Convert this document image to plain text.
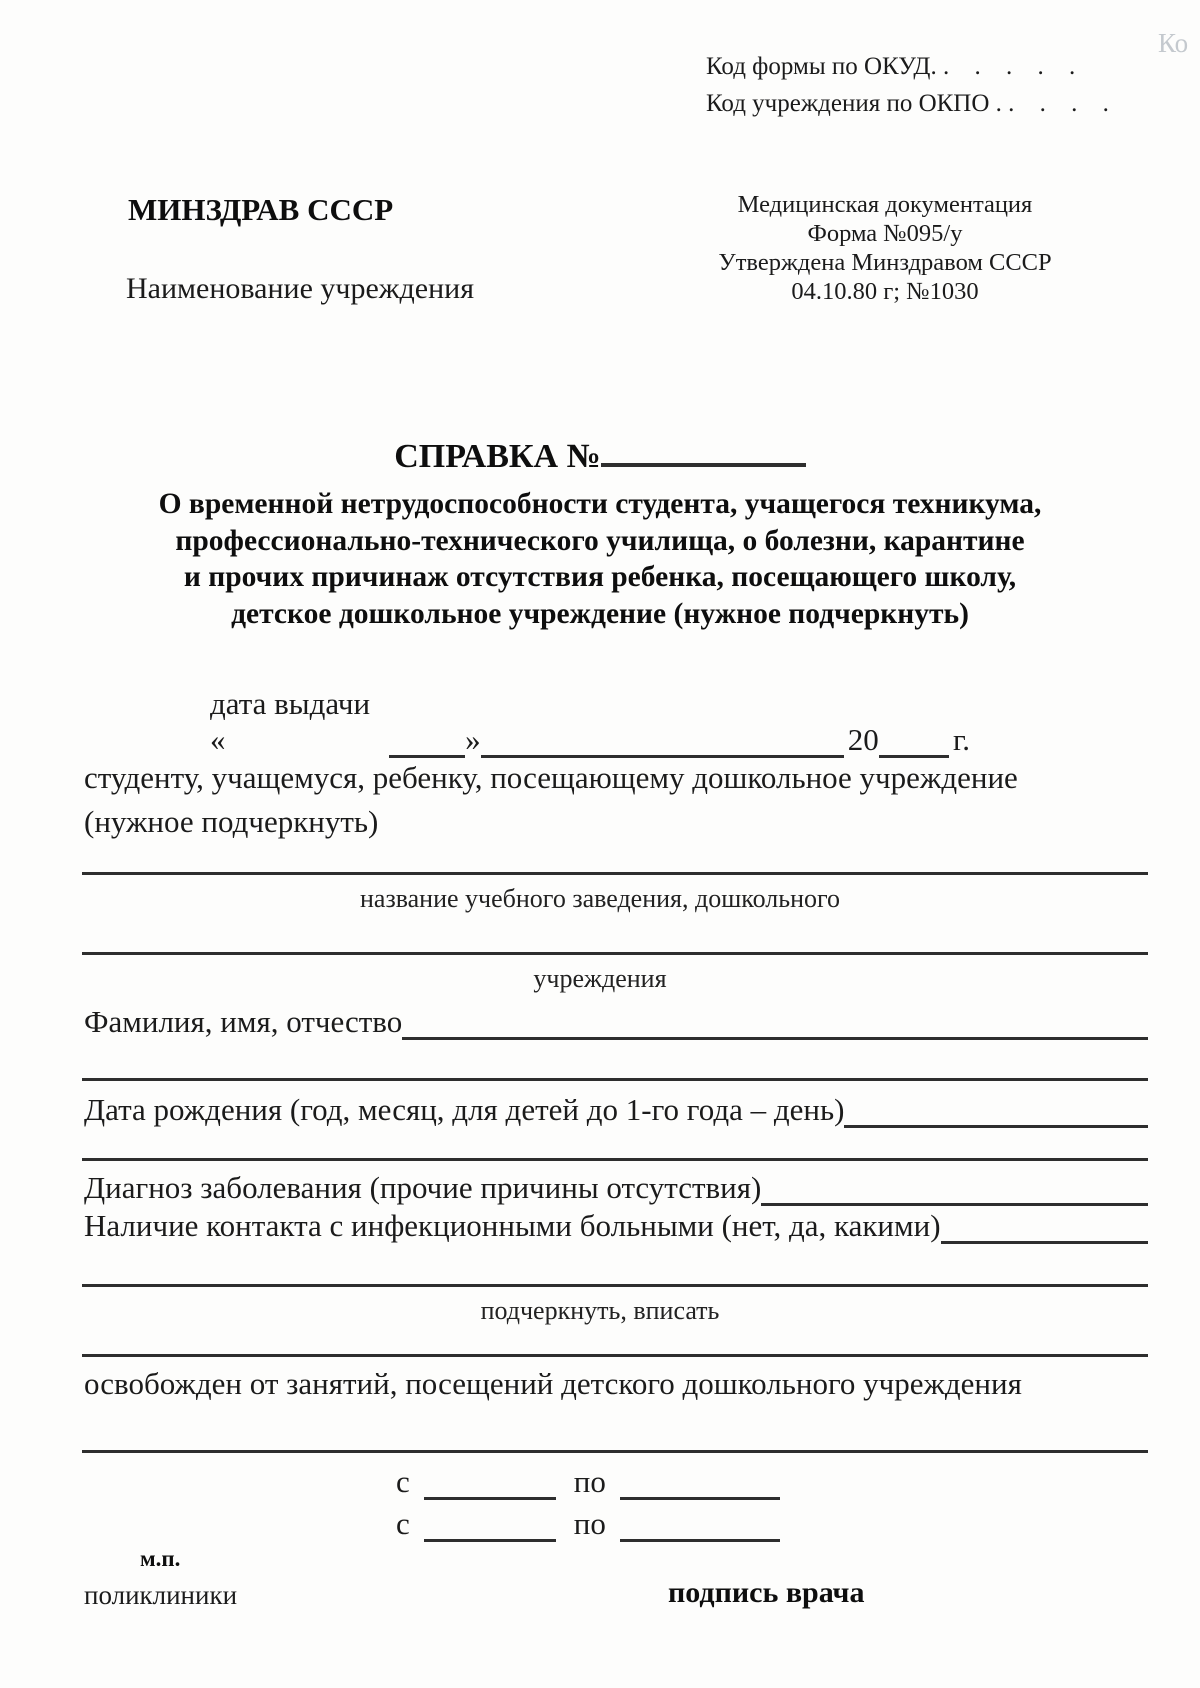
Ко
Код формы по ОКУД. . . . . .
Код учреждения по ОКПО . . . . .
МИНЗДРАВ СССР
Наименование учреждения
Медицинская документация
Форма №095/у
Утверждена Минздравом СССР
04.10.80 г; №1030
СПРАВКА №
О временной нетрудоспособности студента, учащегося техникума,
профессионально-технического училища, о болезни, карантине
и прочих причинаж отсутствия ребенка, посещающего школу,
детское дошкольное учреждение (нужное подчеркнуть)
дата выдачи «	»	20 г.
студенту, учащемуся, ребенку, посещающему дошкольное учреждение
(нужное подчеркнуть)
название учебного заведения, дошкольного
учреждения
Фамилия, имя, отчество
Дата рождения (год, месяц, для детей до 1-го года – день)
Диагноз заболевания (прочие причины отсутствия)
Наличие контакта с инфекционными больными (нет, да, какими)
подчеркнуть, вписать
освобожден от занятий, посещений детского дошкольного учреждения
с	по
с	по
м.п.
поликлиники	подпись врача
